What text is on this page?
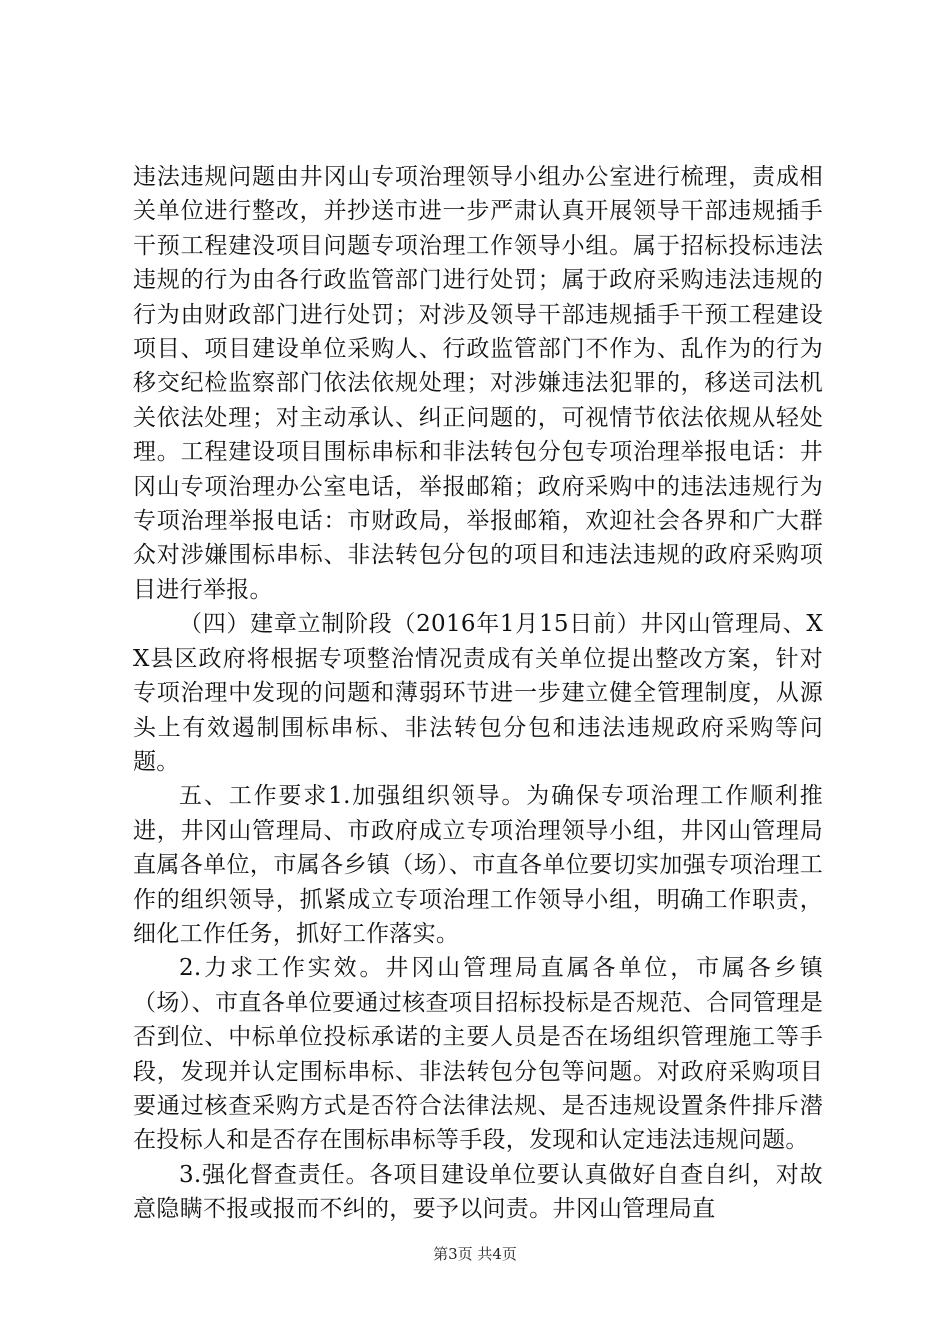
违法违规问题由井冈山专项治理领导小组办公室进行梳理，责成相关单位进行整改，并抄送市进一步严肃认真开展领导干部违规插手干预工程建没项目问题专项治理工作领导小组。属于招标投标违法违规的行为由各行政监管部门进行处罚；属于政府采购违法违规的行为由财政部门进行处罚；对涉及领导干部违规插手干预工程建设项目、项目建设单位采购人、行政监管部门不作为、乱作为的行为移交纪检监察部门依法依规处理；对涉嫌违法犯罪的，移送司法机关依法处理；对主动承认、纠正问题的，可视情节依法依规从轻处理。工程建设项目围标串标和非法转包分包专项治理举报电话：井冈山专项治理办公室电话，举报邮箱；政府采购中的违法违规行为专项治理举报电话：市财政局，举报邮箱，欢迎社会各界和广大群众对涉嫌围标串标、非法转包分包的项目和违法违规的政府采购项目进行举报。

（四）建章立制阶段（2016年1月15日前）井冈山管理局、XX县区政府将根据专项整治情况责成有关单位提出整改方案，针对专项治理中发现的问题和薄弱环节进一步建立健全管理制度，从源头上有效遏制围标串标、非法转包分包和违法违规政府采购等问题。

五、工作要求1.加强组织领导。为确保专项治理工作顺利推进，井冈山管理局、市政府成立专项治理领导小组，井冈山管理局直属各单位，市属各乡镇（场）、市直各单位要切实加强专项治理工作的组织领导，抓紧成立专项治理工作领导小组，明确工作职责，细化工作任务，抓好工作落实。

2.力求工作实效。井冈山管理局直属各单位，市属各乡镇（场）、市直各单位要通过核查项目招标投标是否规范、合同管理是否到位、中标单位投标承诺的主要人员是否在场组织管理施工等手段，发现并认定围标串标、非法转包分包等问题。对政府采购项目要通过核查采购方式是否符合法律法规、是否违规设置条件排斥潜在投标人和是否存在围标串标等手段，发现和认定违法违规问题。

3.强化督查责任。各项目建设单位要认真做好自查自纠，对故意隐瞒不报或报而不纠的，要予以问责。井冈山管理局直

第3页 共4页
